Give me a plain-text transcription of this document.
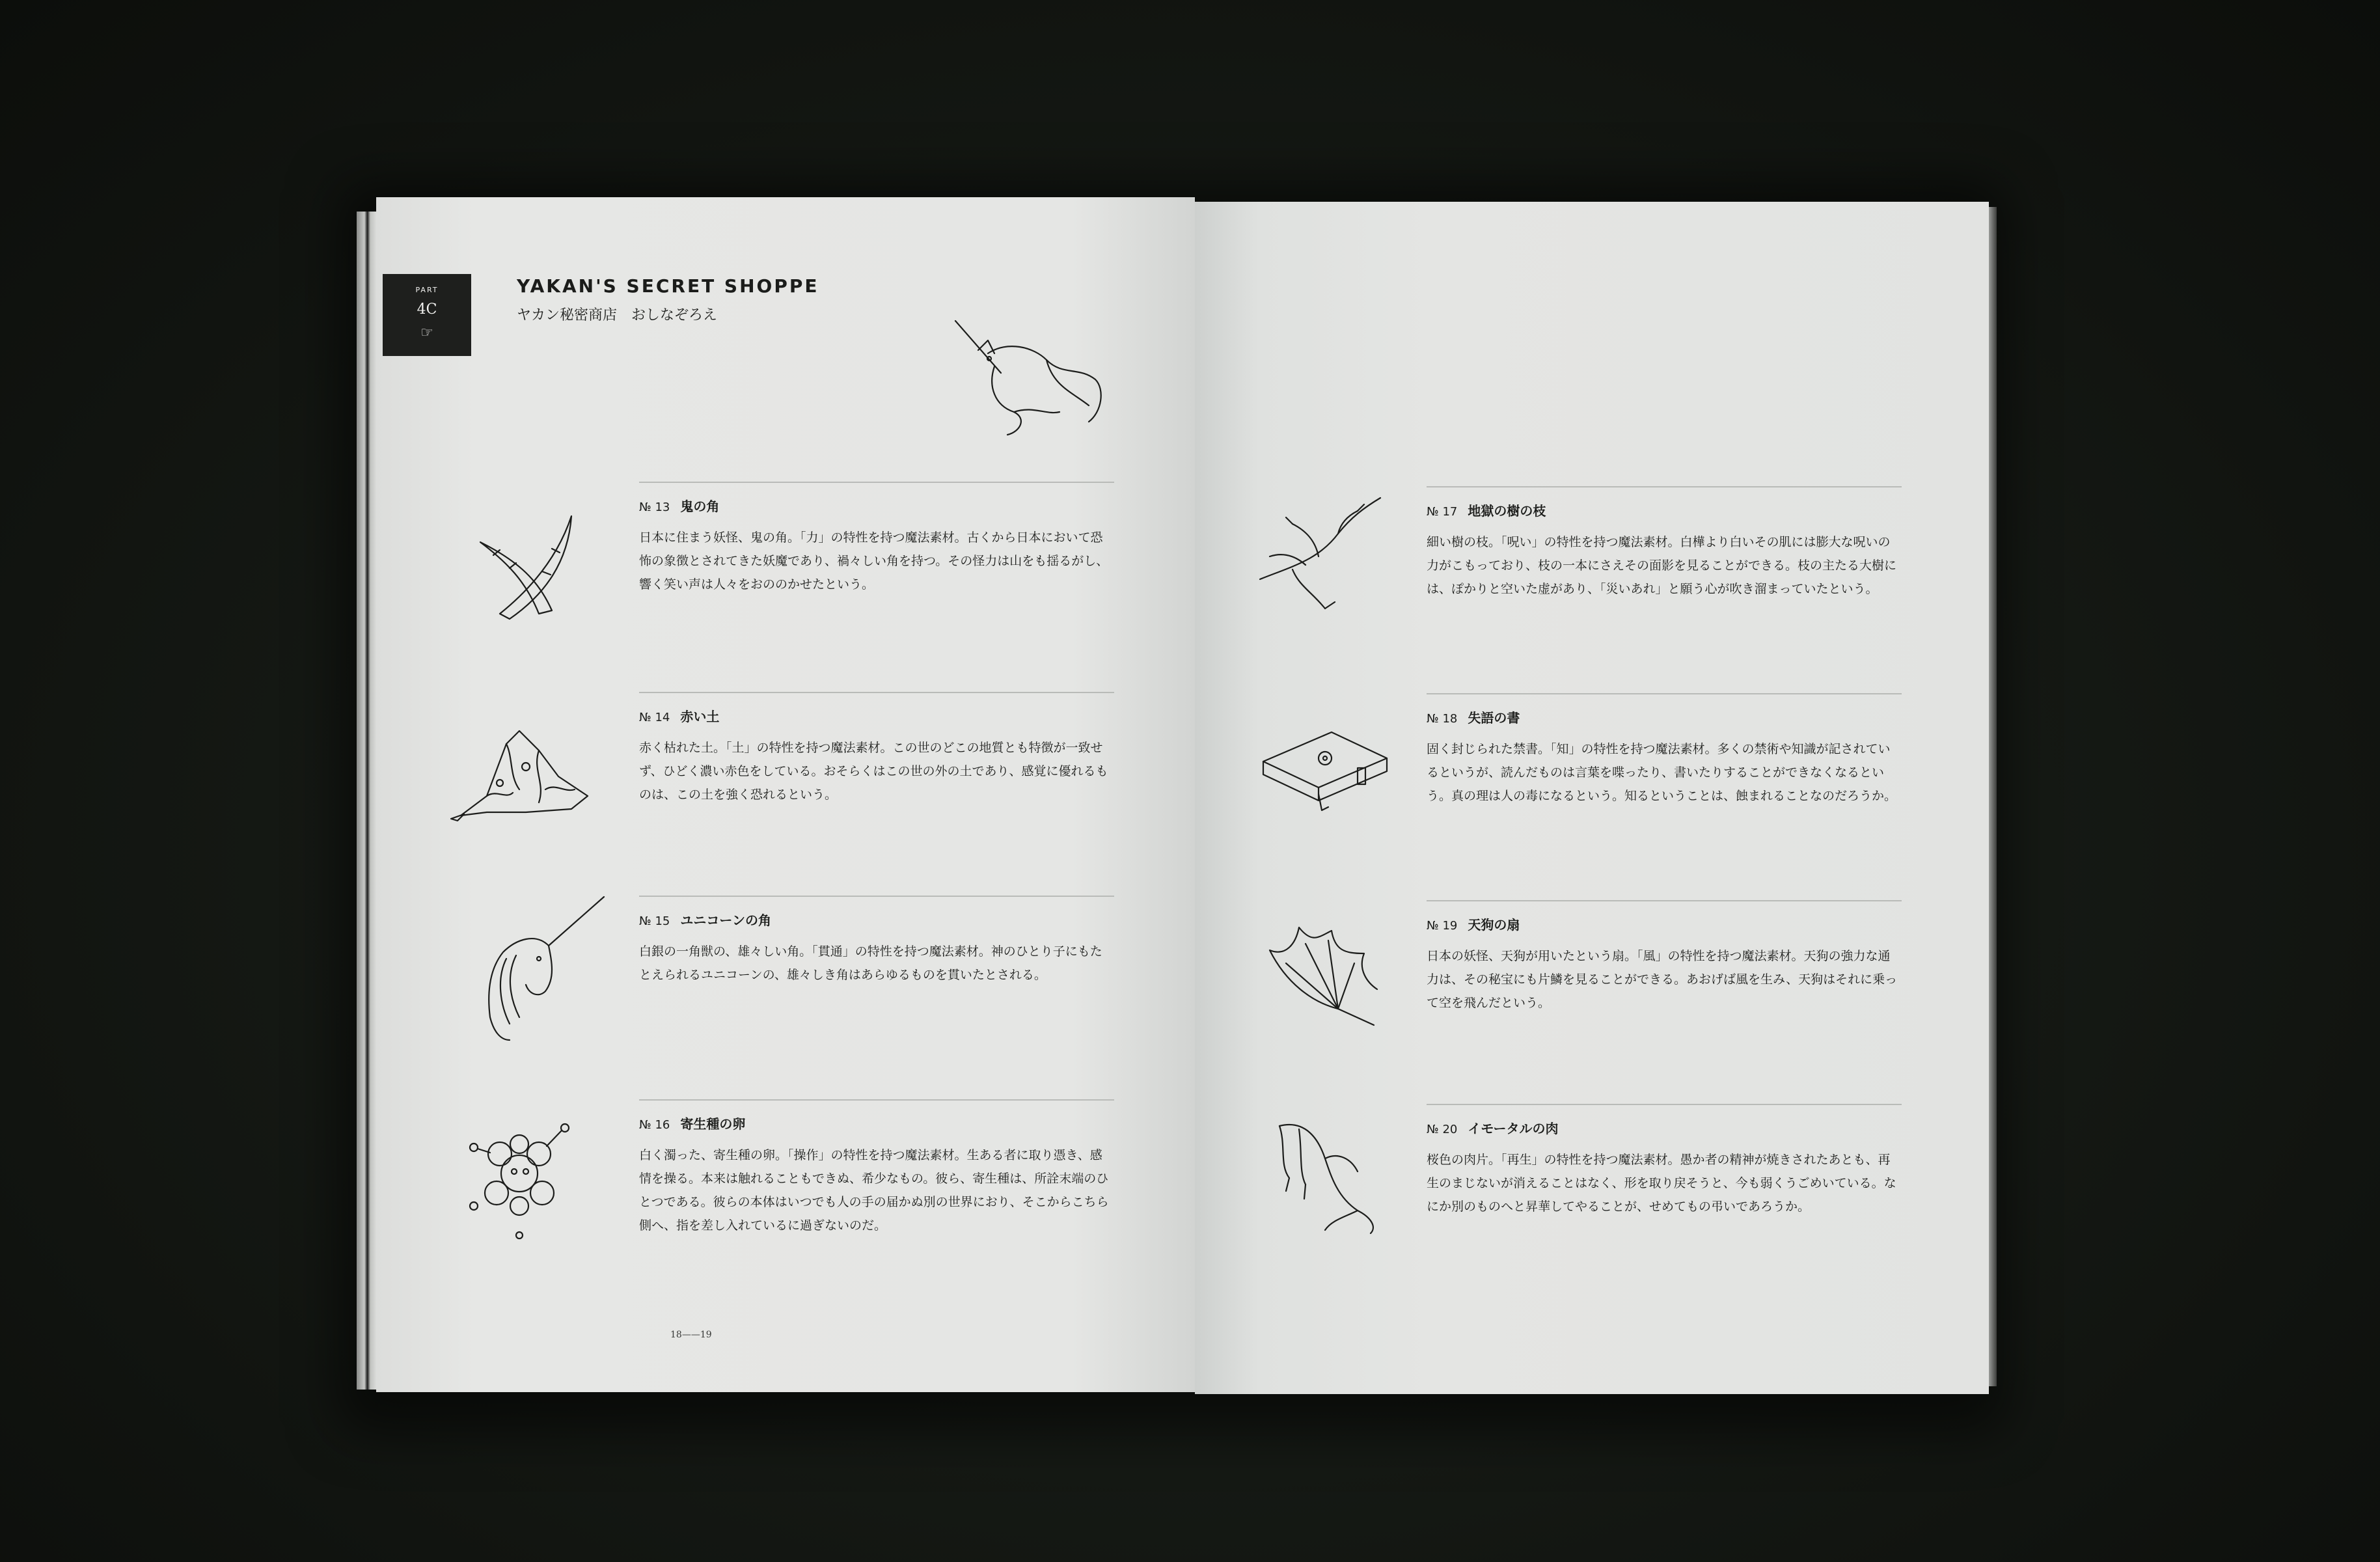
PART
4C
☞
YAKAN'S SECRET SHOPPE
ヤカン秘密商店　おしなぞろえ
№ 13 鬼の角
日本に住まう妖怪、鬼の角。「力」の特性を持つ魔法素材。古くから日本において恐怖の象徴とされてきた妖魔であり、禍々しい角を持つ。その怪力は山をも揺るがし、響く笑い声は人々をおののかせたという。
№ 14 赤い土
赤く枯れた土。「土」の特性を持つ魔法素材。この世のどこの地質とも特徴が一致せず、ひどく濃い赤色をしている。おそらくはこの世の外の土であり、感覚に優れるものは、この土を強く恐れるという。
№ 15 ユニコーンの角
白銀の一角獣の、雄々しい角。「貫通」の特性を持つ魔法素材。神のひとり子にもたとえられるユニコーンの、雄々しき角はあらゆるものを貫いたとされる。
№ 16 寄生種の卵
白く濁った、寄生種の卵。「操作」の特性を持つ魔法素材。生ある者に取り憑き、感情を操る。本来は触れることもできぬ、希少なもの。彼ら、寄生種は、所詮末端のひとつである。彼らの本体はいつでも人の手の届かぬ別の世界におり、そこからこちら側へ、指を差し入れているに過ぎないのだ。
18——19
№ 17 地獄の樹の枝
細い樹の枝。「呪い」の特性を持つ魔法素材。白樺より白いその肌には膨大な呪いの力がこもっており、枝の一本にさえその面影を見ることができる。枝の主たる大樹には、ぽかりと空いた虚があり、「災いあれ」と願う心が吹き溜まっていたという。
№ 18 失語の書
固く封じられた禁書。「知」の特性を持つ魔法素材。多くの禁術や知識が記されているというが、読んだものは言葉を喋ったり、書いたりすることができなくなるという。真の理は人の毒になるという。知るということは、蝕まれることなのだろうか。
№ 19 天狗の扇
日本の妖怪、天狗が用いたという扇。「風」の特性を持つ魔法素材。天狗の強力な通力は、その秘宝にも片鱗を見ることができる。あおげば風を生み、天狗はそれに乗って空を飛んだという。
№ 20 イモータルの肉
桜色の肉片。「再生」の特性を持つ魔法素材。愚か者の精神が焼きされたあとも、再生のまじないが消えることはなく、形を取り戻そうと、今も弱くうごめいている。なにか別のものへと昇華してやることが、せめてもの弔いであろうか。
